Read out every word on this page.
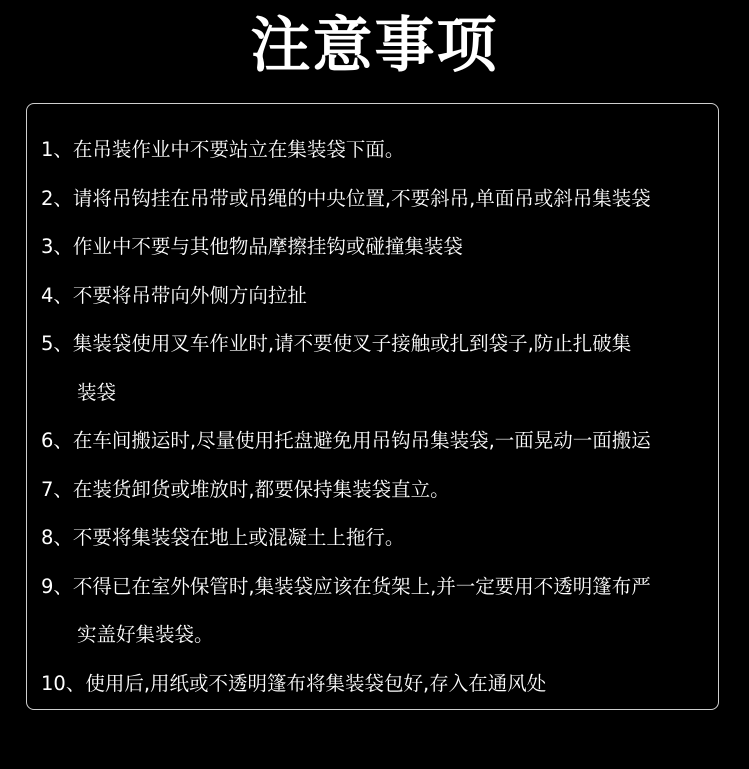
注意事项
1、在吊装作业中不要站立在集装袋下面。
2、请将吊钩挂在吊带或吊绳的中央位置,不要斜吊,单面吊或斜吊集装袋
3、作业中不要与其他物品摩擦挂钩或碰撞集装袋
4、不要将吊带向外侧方向拉扯
5、集装袋使用叉车作业时,请不要使叉子接触或扎到袋子,防止扎破集
装袋
6、在车间搬运时,尽量使用托盘避免用吊钩吊集装袋,一面晃动一面搬运
7、在装货卸货或堆放时,都要保持集装袋直立。
8、不要将集装袋在地上或混凝土上拖行。
9、不得已在室外保管时,集装袋应该在货架上,并一定要用不透明篷布严
实盖好集装袋。
10、使用后,用纸或不透明篷布将集装袋包好,存入在通风处
